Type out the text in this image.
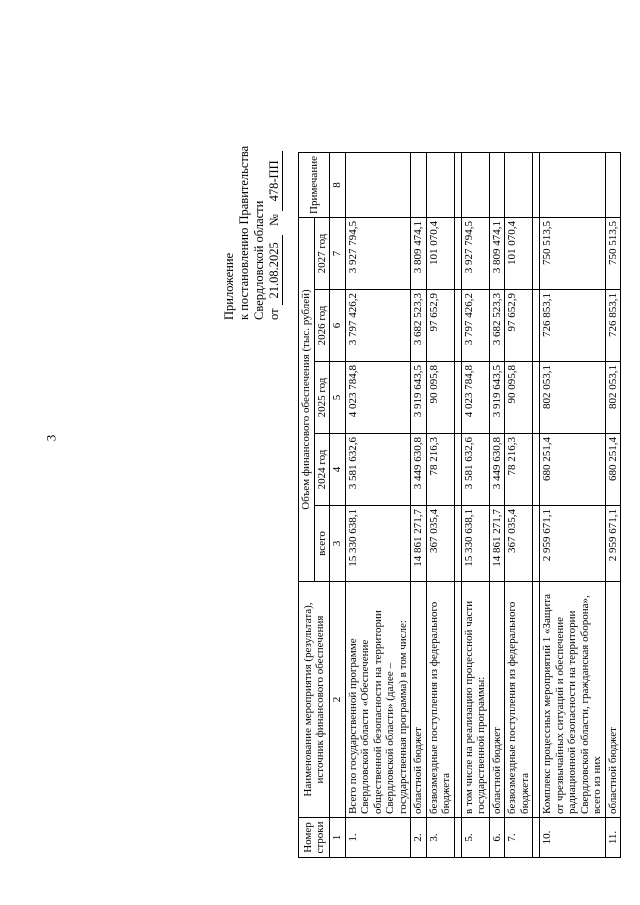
3
Приложение к постановлению Правительства Свердловской области от 21.08.2025   № 478-ПП
Номер строки	Наименование мероприятия (результата), источник финансового обеспечения	Объем финансового обеспечения (тыс. рублей)					Примечание
		всего	2024 год	2025 год	2026 год	2027 год	
1	2	3	4	5	6	7	8
1.	Всего по государственной программе Свердловской области «Обеспечение общественной безопасности на территории Свердловской области» (далее – государственная программа) в том числе:	15 330 638,1	3 581 632,6	4 023 784,8	3 797 426,2	3 927 794,5	
2.	областной бюджет	14 861 271,7	3 449 630,8	3 919 643,5	3 682 523,3	3 809 474,1	
3.	безвозмездные поступления из федерального бюджета	367 035,4	78 216,3	90 095,8	97 652,9	101 070,4	

5.	в том числе на реализацию процессной части государственной программы:	15 330 638,1	3 581 632,6	4 023 784,8	3 797 426,2	3 927 794,5	
6.	областной бюджет	14 861 271,7	3 449 630,8	3 919 643,5	3 682 523,3	3 809 474,1	
7.	безвозмездные поступления из федерального бюджета	367 035,4	78 216,3	90 095,8	97 652,9	101 070,4	

10.	Комплекс процессных мероприятий 1 «Защита от чрезвычайных ситуаций и обеспечение радиационной безопасности на территории Свердловской области, гражданская оборона», всего из них	2 959 671,1	680 251,4	802 053,1	726 853,1	750 513,5	
11.	областной бюджет	2 959 671,1	680 251,4	802 053,1	726 853,1	750 513,5	
